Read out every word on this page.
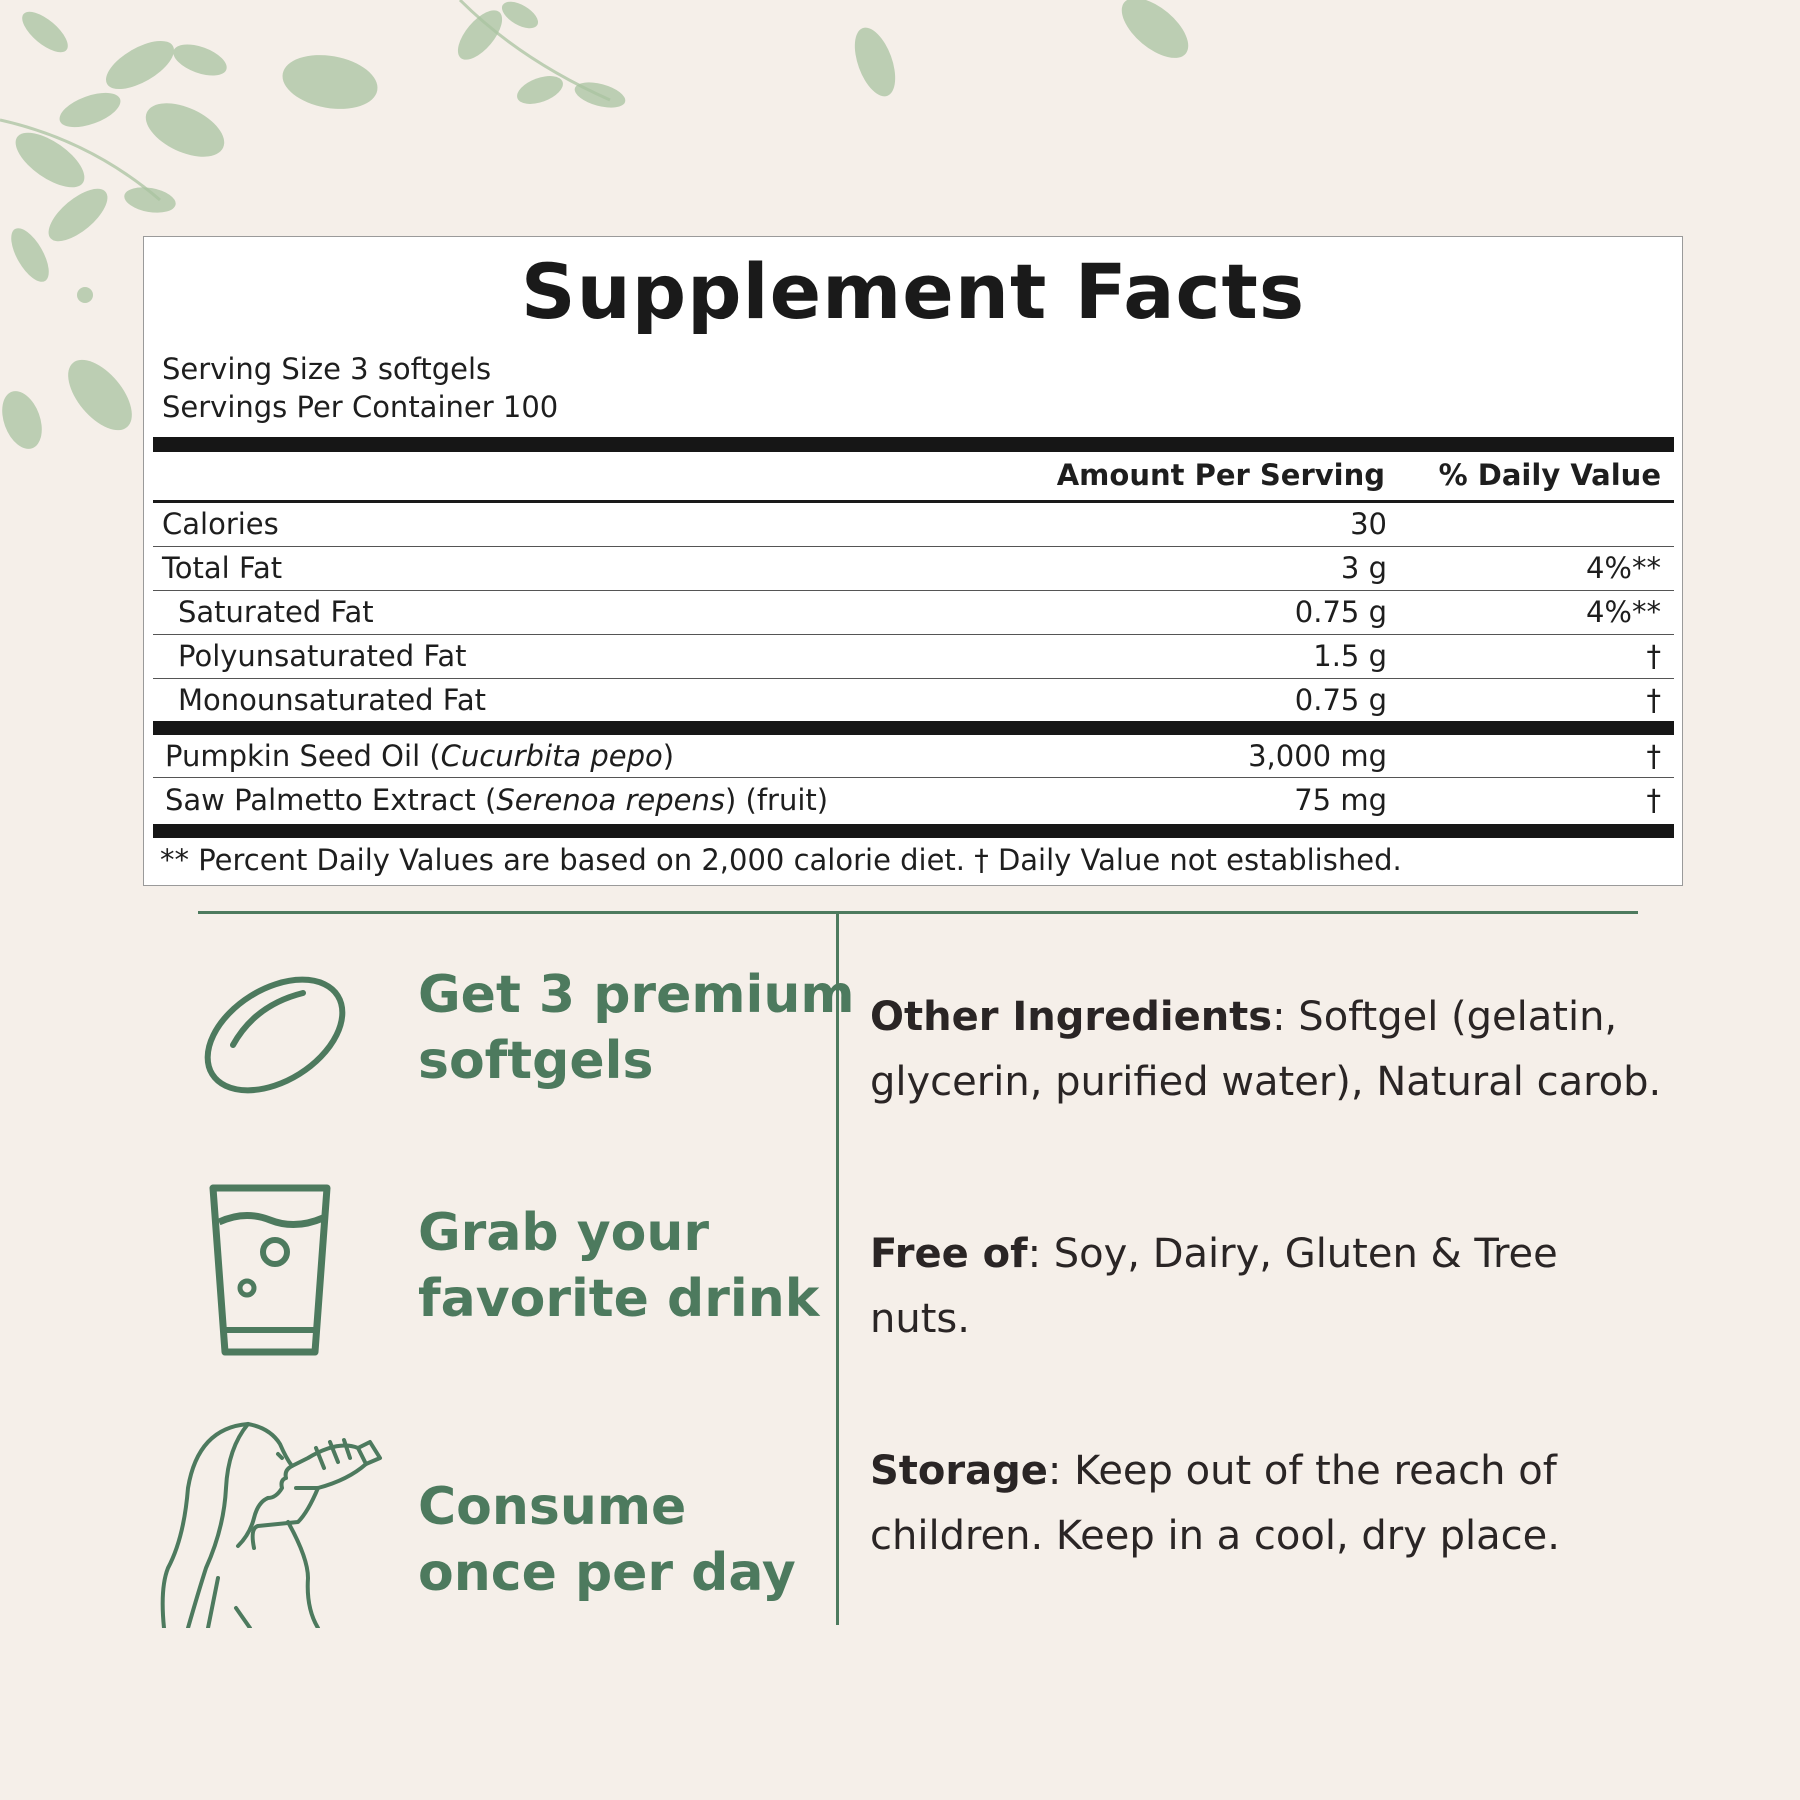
Supplement Facts
Serving Size 3 softgels
Servings Per Container 100
Amount Per Serving % Daily Value
Calories	30
Total Fat	3 g	4%**
Saturated Fat	0.75 g	4%**
Polyunsaturated Fat	1.5 g	†
Monounsaturated Fat	0.75 g	†
Pumpkin Seed Oil (Cucurbita pepo)	3,000 mg	†
Saw Palmetto Extract (Serenoa repens) (fruit)	75 mg	†
** Percent Daily Values are based on 2,000 calorie diet. † Daily Value not established.
Get 3 premium
softgels
Grab your
favorite drink
Consume
once per day
Other Ingredients: Softgel (gelatin, glycerin, purified water), Natural carob.
Free of: Soy, Dairy, Gluten & Tree nuts.
Storage: Keep out of the reach of children. Keep in a cool, dry place.
